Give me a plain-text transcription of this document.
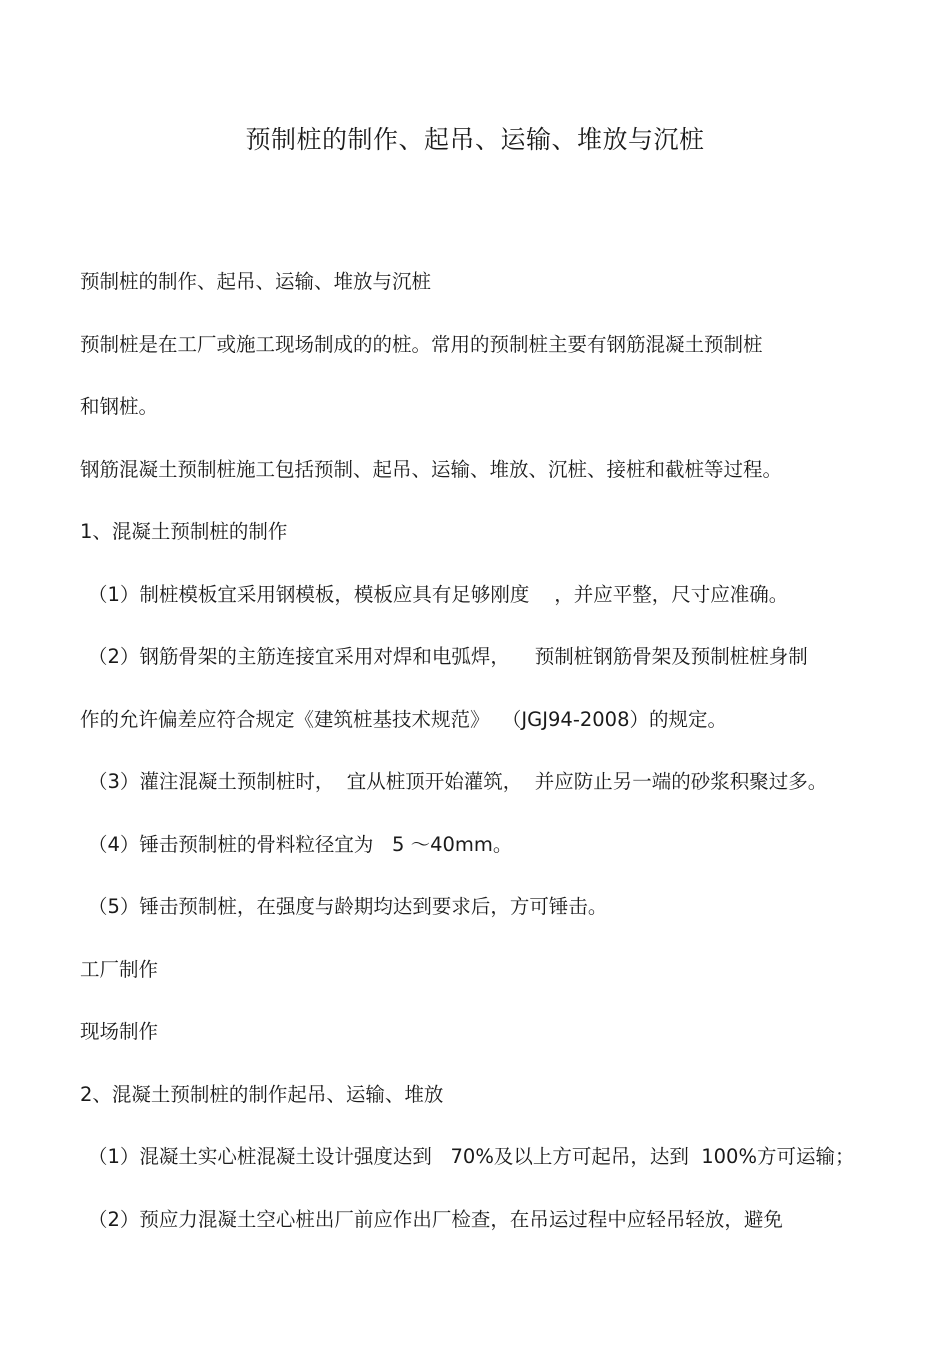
预制桩的制作、起吊、运输、堆放与沉桩
预制桩的制作、起吊、运输、堆放与沉桩
预制桩是在工厂或施工现场制成的的桩。常用的预制桩主要有钢筋混凝土预制桩
和钢桩。
钢筋混凝土预制桩施工包括预制、起吊、运输、堆放、沉桩、接桩和截桩等过程。
1、混凝土预制桩的制作
（1）制桩模板宜采用钢模板，模板应具有足够刚度    ，并应平整，尺寸应准确。
（2）钢筋骨架的主筋连接宜采用对焊和电弧焊，    预制桩钢筋骨架及预制桩桩身制
作的允许偏差应符合规定《建筑桩基技术规范》  （JGJ94-2008）的规定。
（3）灌注混凝土预制桩时，  宜从桩顶开始灌筑，  并应防止另一端的砂浆积聚过多。
（4）锤击预制桩的骨料粒径宜为   5 ～40mm。
（5）锤击预制桩，在强度与龄期均达到要求后，方可锤击。
工厂制作
现场制作
2、混凝土预制桩的制作起吊、运输、堆放
（1）混凝土实心桩混凝土设计强度达到   70%及以上方可起吊，达到  100%方可运输；
（2）预应力混凝土空心桩出厂前应作出厂检查，在吊运过程中应轻吊轻放，避免
